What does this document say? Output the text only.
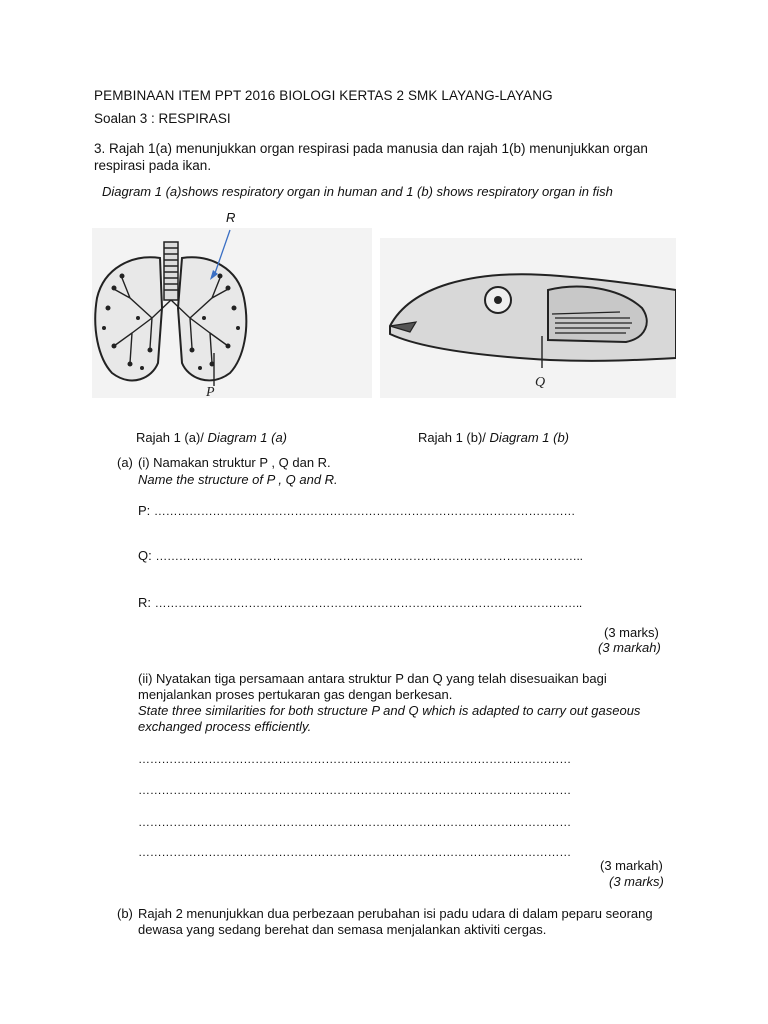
PEMBINAAN ITEM PPT 2016 BIOLOGI KERTAS 2 SMK LAYANG-LAYANG
Soalan 3 : RESPIRASI
3. Rajah 1(a) menunjukkan organ respirasi pada manusia dan rajah 1(b) menunjukkan organ respirasi pada ikan.
Diagram 1 (a)shows respiratory organ in human and 1 (b) shows respiratory organ in fish
R
P
Q
Rajah 1 (a)/ Diagram 1 (a)	Rajah 1 (b)/ Diagram 1 (b)
(a) (i) Namakan struktur P , Q dan R.
Name the structure of P , Q and R.
P: ………………………………………………………………………………………………
Q: ………………………………………………………………………………………………..
R: ………………………………………………………………………………………………..
(3 marks)
(3 markah)
(ii) Nyatakan tiga persamaan antara struktur P dan Q yang telah disesuaikan bagi menjalankan proses pertukaran gas dengan berkesan.
State three similarities for both structure P and Q which is adapted to carry out gaseous exchanged process efficiently.
…………………………………………………………………………………………………
…………………………………………………………………………………………………
…………………………………………………………………………………………………
…………………………………………………………………………………………………
(3 markah)
(3 marks)
(b) Rajah 2 menunjukkan dua perbezaan perubahan isi padu udara di dalam peparu seorang dewasa yang sedang berehat dan semasa menjalankan aktiviti cergas.
